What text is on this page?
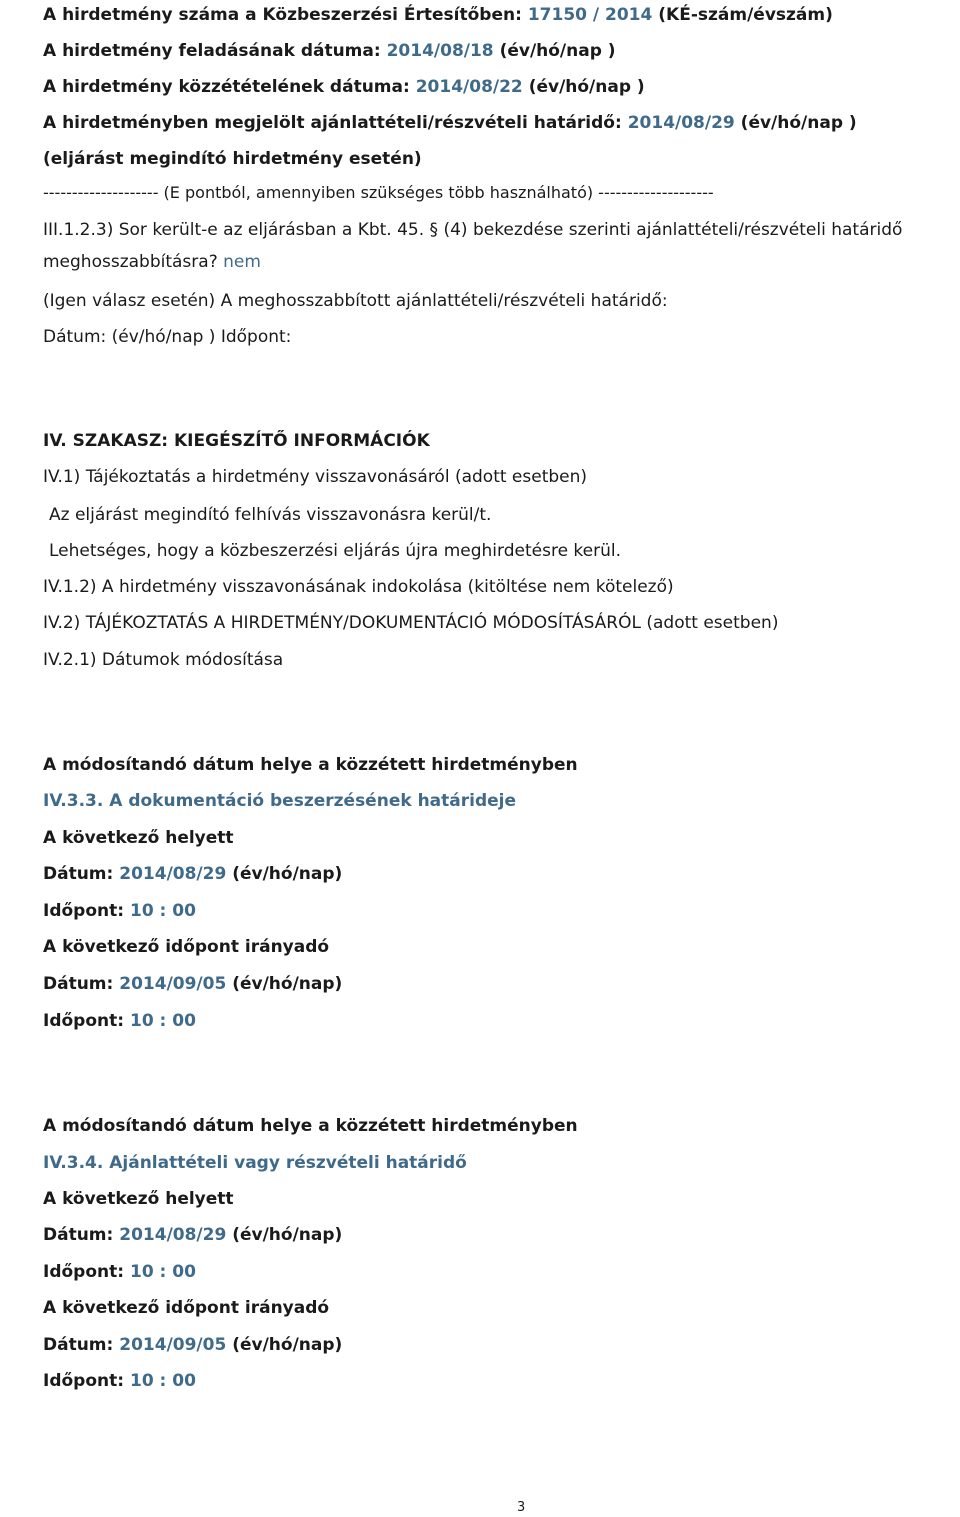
A hirdetmény száma a Közbeszerzési Értesítőben: 17150 / 2014 (KÉ-szám/évszám)
A hirdetmény feladásának dátuma: 2014/08/18 (év/hó/nap )
A hirdetmény közzétételének dátuma: 2014/08/22 (év/hó/nap )
A hirdetményben megjelölt ajánlattételi/részvételi határidő: 2014/08/29 (év/hó/nap )
(eljárást megindító hirdetmény esetén)
-------------------- (E pontból, amennyiben szükséges több használható) --------------------
III.1.2.3) Sor került-e az eljárásban a Kbt. 45. § (4) bekezdése szerinti ajánlattételi/részvételi határidő
meghosszabbításra? nem
(Igen válasz esetén) A meghosszabbított ajánlattételi/részvételi határidő:
Dátum: (év/hó/nap ) Időpont:
IV. SZAKASZ: KIEGÉSZÍTŐ INFORMÁCIÓK
IV.1) Tájékoztatás a hirdetmény visszavonásáról (adott esetben)
Az eljárást megindító felhívás visszavonásra kerül/t.
Lehetséges, hogy a közbeszerzési eljárás újra meghirdetésre kerül.
IV.1.2) A hirdetmény visszavonásának indokolása (kitöltése nem kötelező)
IV.2) TÁJÉKOZTATÁS A HIRDETMÉNY/DOKUMENTÁCIÓ MÓDOSÍTÁSÁRÓL (adott esetben)
IV.2.1) Dátumok módosítása
A módosítandó dátum helye a közzétett hirdetményben
IV.3.3. A dokumentáció beszerzésének határideje
A következő helyett
Dátum: 2014/08/29 (év/hó/nap)
Időpont: 10 : 00
A következő időpont irányadó
Dátum: 2014/09/05 (év/hó/nap)
Időpont: 10 : 00
A módosítandó dátum helye a közzétett hirdetményben
IV.3.4. Ajánlattételi vagy részvételi határidő
A következő helyett
Dátum: 2014/08/29 (év/hó/nap)
Időpont: 10 : 00
A következő időpont irányadó
Dátum: 2014/09/05 (év/hó/nap)
Időpont: 10 : 00
3
